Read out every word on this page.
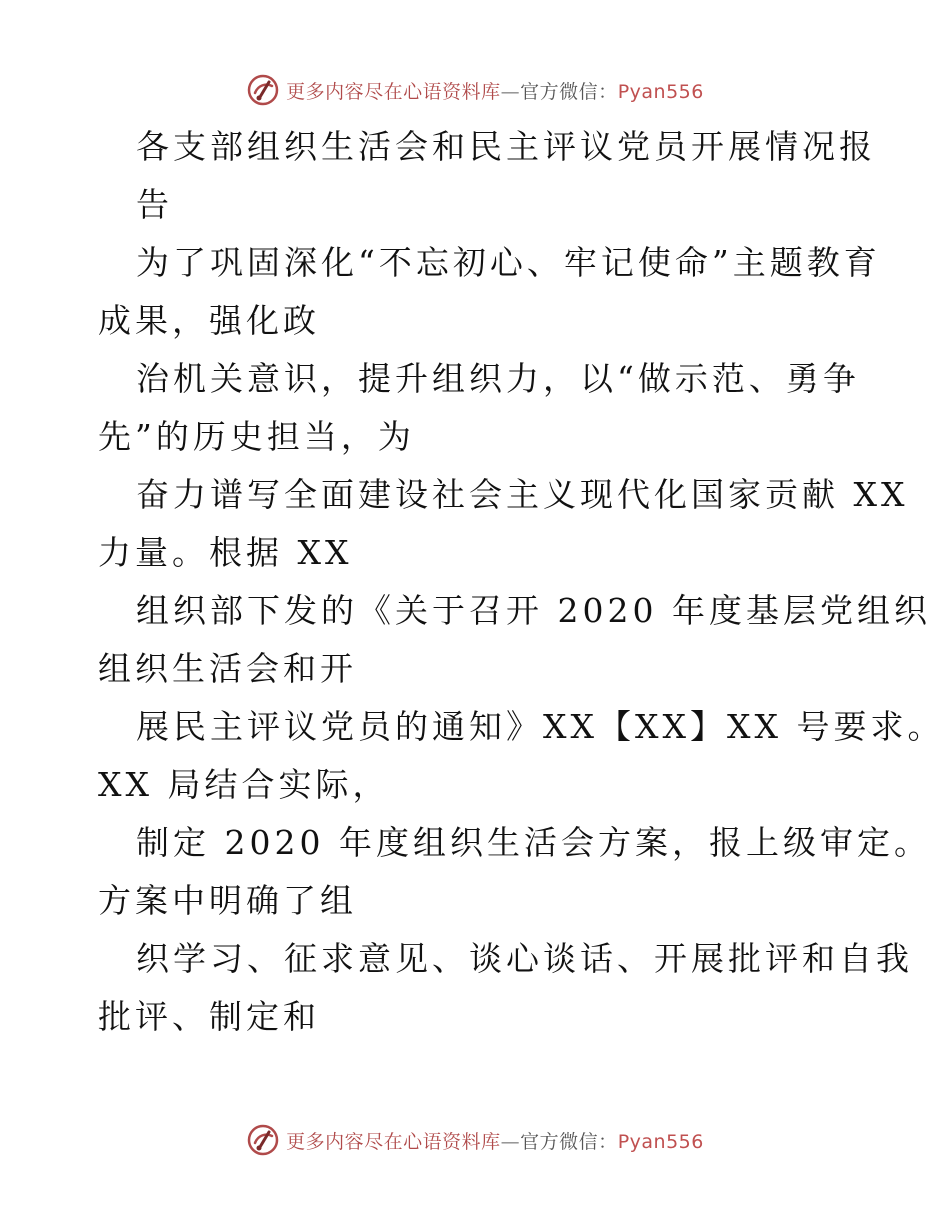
更多内容尽在心语资料库—官方微信：Pyan556
各支部组织生活会和民主评议党员开展情况报
告
为了巩固深化“不忘初心、牢记使命”主题教育
成果，强化政
治机关意识，提升组织力，以“做示范、勇争
先”的历史担当，为
奋力谱写全面建设社会主义现代化国家贡献 XX
力量。根据 XX
组织部下发的《关于召开 2020 年度基层党组织
组织生活会和开
展民主评议党员的通知》XX【XX】XX 号要求。
XX 局结合实际，
制定 2020 年度组织生活会方案，报上级审定。
方案中明确了组
织学习、征求意见、谈心谈话、开展批评和自我
批评、制定和
更多内容尽在心语资料库—官方微信：Pyan556
